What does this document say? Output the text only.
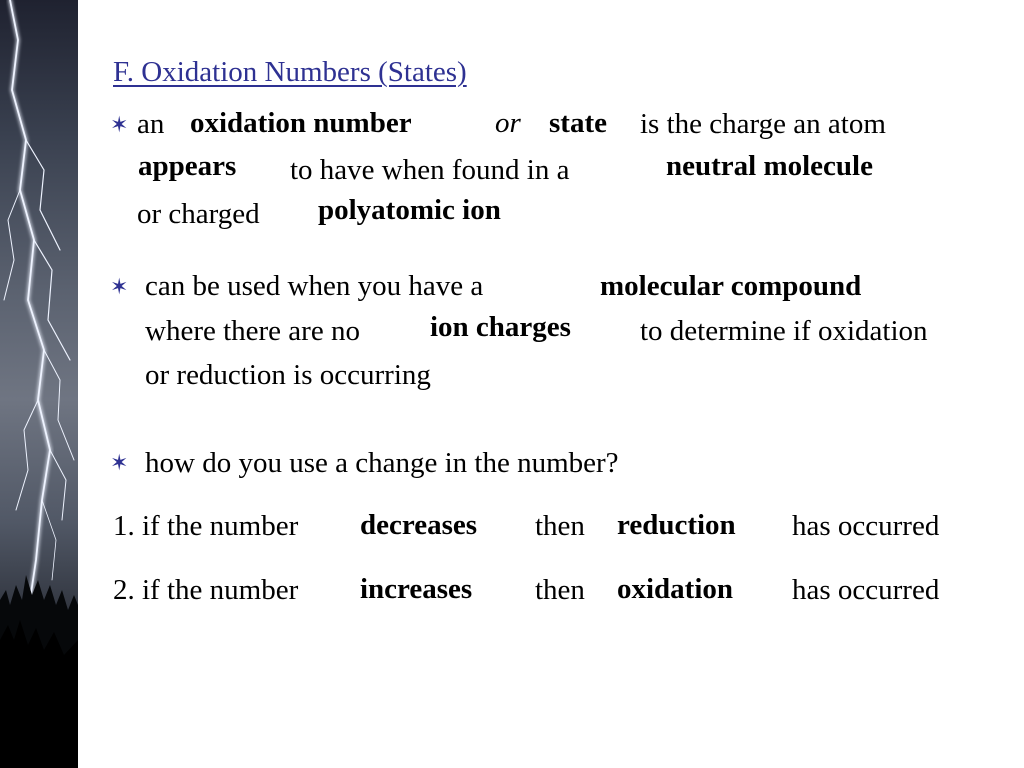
F. Oxidation Numbers (States)
✶ an oxidation number	or state is the charge an atom
appears to have when found in a	neutral molecule
or charged polyatomic ion
✶ can be used when you have a	molecular compound
where there are no ion charges to determine if oxidation
or reduction is occurring
✶ how do you use a change in the number?
1. if the number decreases then reduction has occurred
2. if the number increases then oxidation has occurred
